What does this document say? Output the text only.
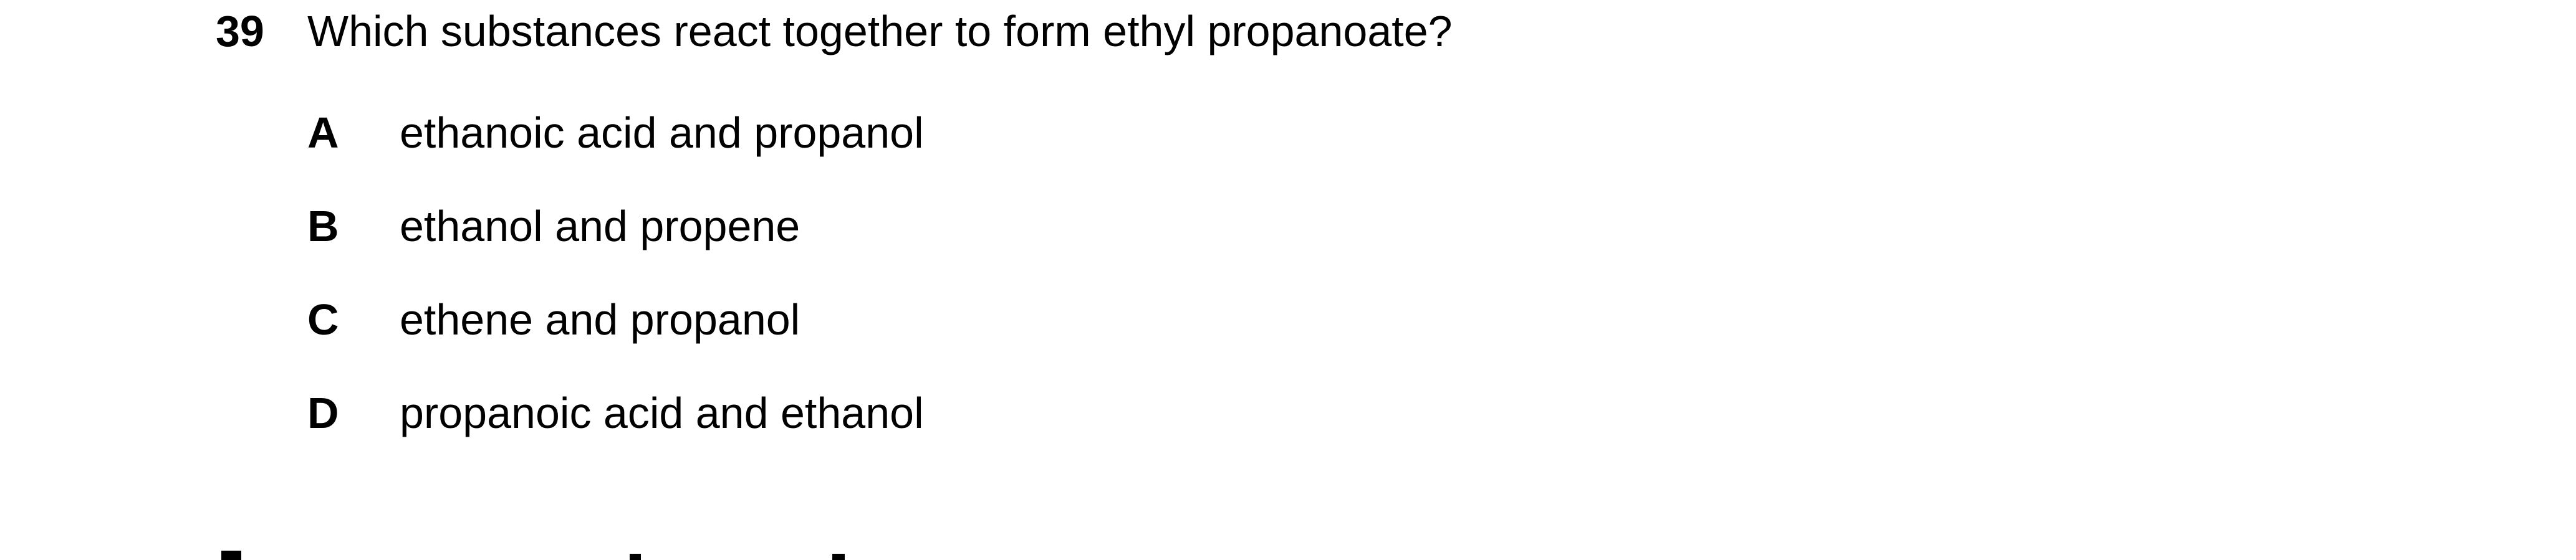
39 Which substances react together to form ethyl propanoate?
A ethanoic acid and propanol
B ethanol and propene
C ethene and propanol
D propanoic acid and ethanol
